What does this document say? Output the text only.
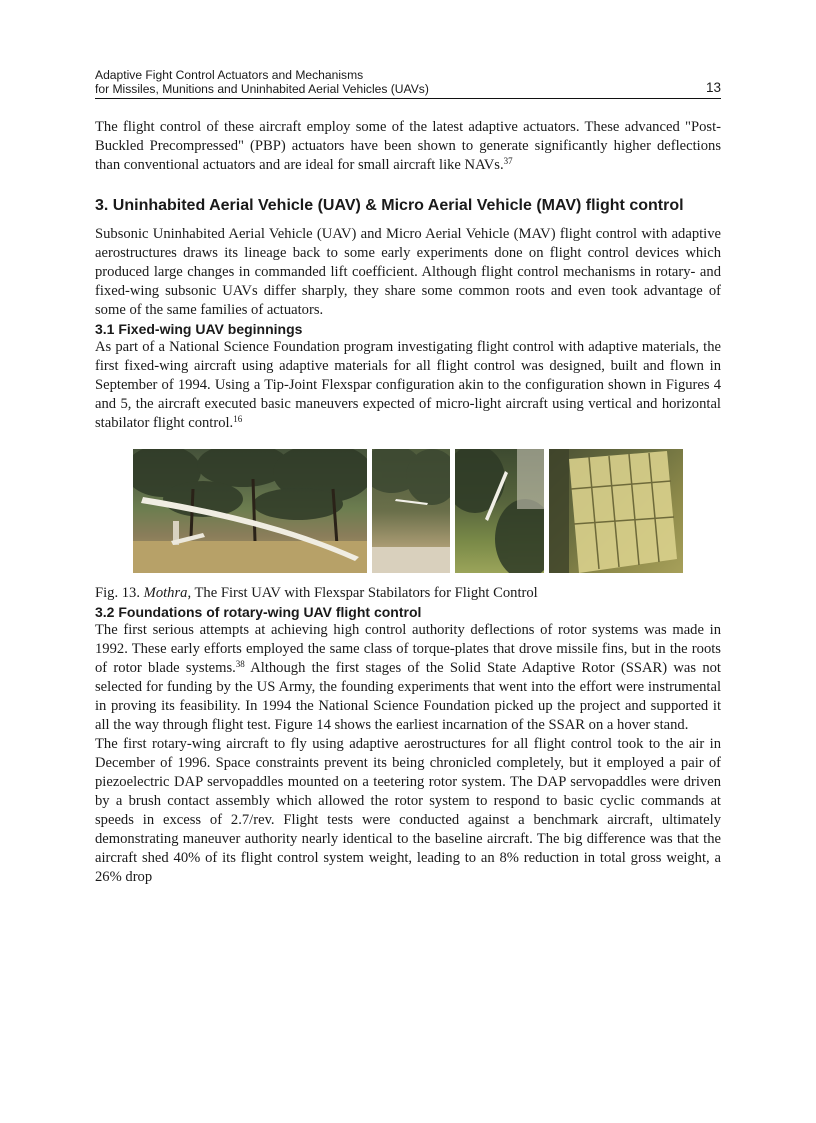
Adaptive Fight Control Actuators and Mechanisms
for Missiles, Munitions and Uninhabited Aerial Vehicles (UAVs)	13

The flight control of these aircraft employ some of the latest adaptive actuators. These advanced "Post-Buckled Precompressed" (PBP) actuators have been shown to generate significantly higher deflections than conventional actuators and are ideal for small aircraft like NAVs.$^{37}$

3. Uninhabited Aerial Vehicle (UAV) & Micro Aerial Vehicle (MAV) flight control

Subsonic Uninhabited Aerial Vehicle (UAV) and Micro Aerial Vehicle (MAV) flight control with adaptive aerostructures draws its lineage back to some early experiments done on flight control devices which produced large changes in commanded lift coefficient. Although flight control mechanisms in rotary- and fixed-wing subsonic UAVs differ sharply, they share some common roots and even took advantage of some of the same families of actuators.

3.1 Fixed-wing UAV beginnings

As part of a National Science Foundation program investigating flight control with adaptive materials, the first fixed-wing aircraft using adaptive materials for all flight control was designed, built and flown in September of 1994. Using a Tip-Joint Flexspar configuration akin to the configuration shown in Figures 4 and 5, the aircraft executed basic maneuvers expected of micro-light aircraft using vertical and horizontal stabilator flight control.$^{16}$

Fig. 13. Mothra, The First UAV with Flexspar Stabilators for Flight Control
3.2 Foundations of rotary-wing UAV flight control

The first serious attempts at achieving high control authority deflections of rotor systems was made in 1992. These early efforts employed the same class of torque-plates that drove missile fins, but in the roots of rotor blade systems.$^{38}$ Although the first stages of the Solid State Adaptive Rotor (SSAR) was not selected for funding by the US Army, the founding experiments that went into the effort were instrumental in proving its feasibility. In 1994 the National Science Foundation picked up the project and supported it all the way through flight test. Figure 14 shows the earliest incarnation of the SSAR on a hover stand.

The first rotary-wing aircraft to fly using adaptive aerostructures for all flight control took to the air in December of 1996. Space constraints prevent its being chronicled completely, but it employed a pair of piezoelectric DAP servopaddles mounted on a teetering rotor system. The DAP servopaddles were driven by a brush contact assembly which allowed the rotor system to respond to basic cyclic commands at speeds in excess of 2.7/rev. Flight tests were conducted against a benchmark aircraft, ultimately demonstrating maneuver authority nearly identical to the baseline aircraft. The big difference was that the aircraft shed 40% of its flight control system weight, leading to an 8% reduction in total gross weight, a 26% drop
